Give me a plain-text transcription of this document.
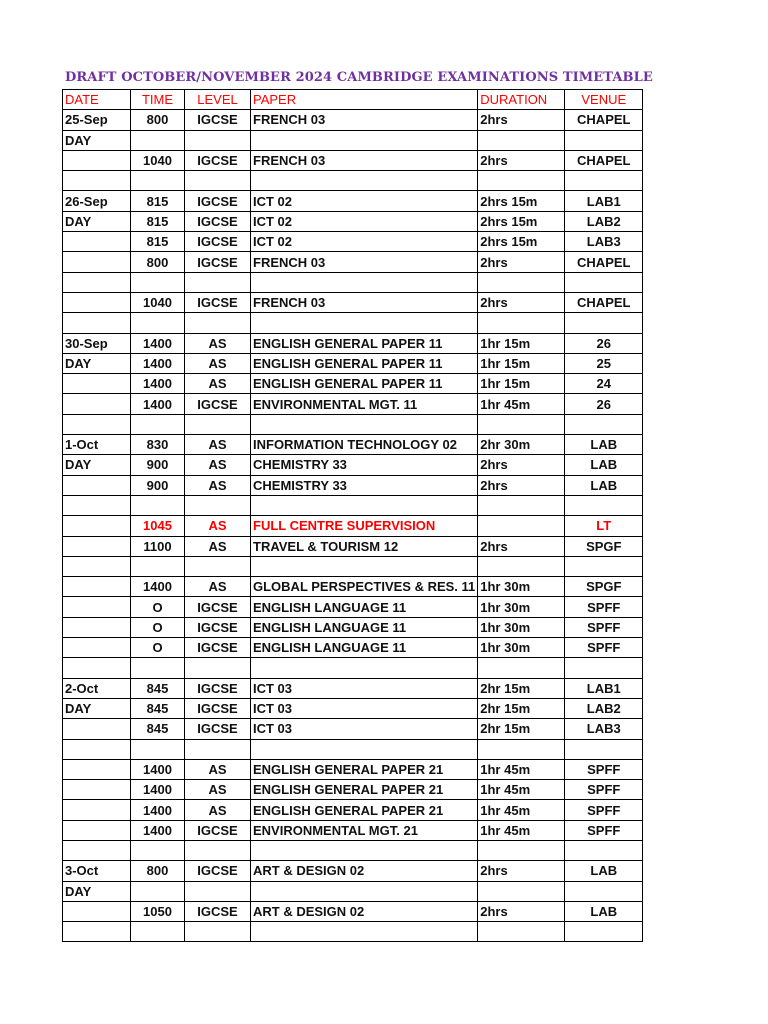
DRAFT OCTOBER/NOVEMBER 2024 CAMBRIDGE EXAMINATIONS TIMETABLE
DATE	TIME	LEVEL	PAPER	DURATION	VENUE
25-Sep	800	IGCSE	FRENCH 03	2hrs	CHAPEL
DAY					
	1040	IGCSE	FRENCH 03	2hrs	CHAPEL

26-Sep	815	IGCSE	ICT 02	2hrs 15m	LAB1
DAY	815	IGCSE	ICT 02	2hrs 15m	LAB2
	815	IGCSE	ICT 02	2hrs 15m	LAB3
	800	IGCSE	FRENCH 03	2hrs	CHAPEL

	1040	IGCSE	FRENCH 03	2hrs	CHAPEL

30-Sep	1400	AS	ENGLISH GENERAL PAPER 11	1hr 15m	26
DAY	1400	AS	ENGLISH GENERAL PAPER 11	1hr 15m	25
	1400	AS	ENGLISH GENERAL PAPER 11	1hr 15m	24
	1400	IGCSE	ENVIRONMENTAL MGT. 11	1hr 45m	26

1-Oct	830	AS	INFORMATION TECHNOLOGY 02	2hr 30m	LAB
DAY	900	AS	CHEMISTRY 33	2hrs	LAB
	900	AS	CHEMISTRY 33	2hrs	LAB

	1045	AS	FULL CENTRE SUPERVISION		LT
	1100	AS	TRAVEL & TOURISM 12	2hrs	SPGF

	1400	AS	GLOBAL PERSPECTIVES & RES. 11	1hr 30m	SPGF
	O	IGCSE	ENGLISH LANGUAGE 11	1hr 30m	SPFF
	O	IGCSE	ENGLISH LANGUAGE 11	1hr 30m	SPFF
	O	IGCSE	ENGLISH LANGUAGE 11	1hr 30m	SPFF

2-Oct	845	IGCSE	ICT 03	2hr 15m	LAB1
DAY	845	IGCSE	ICT 03	2hr 15m	LAB2
	845	IGCSE	ICT 03	2hr 15m	LAB3

	1400	AS	ENGLISH GENERAL PAPER 21	1hr 45m	SPFF
	1400	AS	ENGLISH GENERAL PAPER 21	1hr 45m	SPFF
	1400	AS	ENGLISH GENERAL PAPER 21	1hr 45m	SPFF
	1400	IGCSE	ENVIRONMENTAL MGT. 21	1hr 45m	SPFF

3-Oct	800	IGCSE	ART & DESIGN 02	2hrs	LAB
DAY					
	1050	IGCSE	ART & DESIGN 02	2hrs	LAB
